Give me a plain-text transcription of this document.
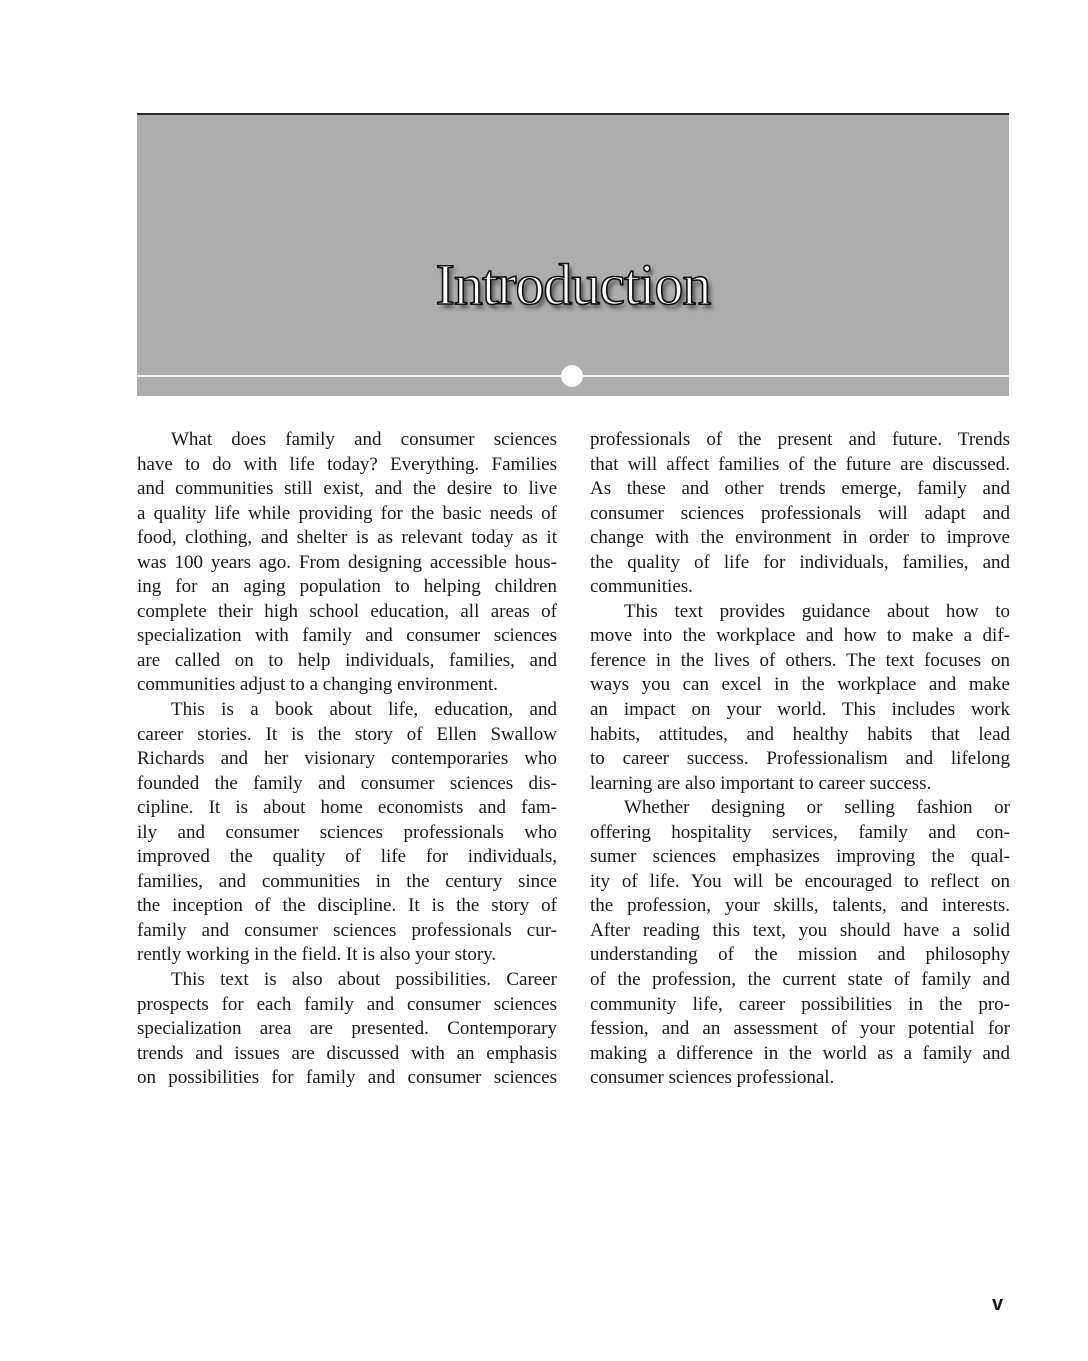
Introduction
What does family and consumer sciences
have to do with life today? Everything. Families
and communities still exist, and the desire to live
a quality life while providing for the basic needs of
food, clothing, and shelter is as relevant today as it
was 100 years ago. From designing accessible hous-
ing for an aging population to helping children
complete their high school education, all areas of
specialization with family and consumer sciences
are called on to help individuals, families, and
communities adjust to a changing environment.
This is a book about life, education, and
career stories. It is the story of Ellen Swallow
Richards and her visionary contemporaries who
founded the family and consumer sciences dis-
cipline. It is about home economists and fam-
ily and consumer sciences professionals who
improved the quality of life for individuals,
families, and communities in the century since
the inception of the discipline. It is the story of
family and consumer sciences professionals cur-
rently working in the field. It is also your story.
This text is also about possibilities. Career
prospects for each family and consumer sciences
specialization area are presented. Contemporary
trends and issues are discussed with an emphasis
on possibilities for family and consumer sciences
professionals of the present and future. Trends
that will affect families of the future are discussed.
As these and other trends emerge, family and
consumer sciences professionals will adapt and
change with the environment in order to improve
the quality of life for individuals, families, and
communities.
This text provides guidance about how to
move into the workplace and how to make a dif-
ference in the lives of others. The text focuses on
ways you can excel in the workplace and make
an impact on your world. This includes work
habits, attitudes, and healthy habits that lead
to career success. Professionalism and lifelong
learning are also important to career success.
Whether designing or selling fashion or
offering hospitality services, family and con-
sumer sciences emphasizes improving the qual-
ity of life. You will be encouraged to reflect on
the profession, your skills, talents, and interests.
After reading this text, you should have a solid
understanding of the mission and philosophy
of the profession, the current state of family and
community life, career possibilities in the pro-
fession, and an assessment of your potential for
making a difference in the world as a family and
consumer sciences professional.
v
